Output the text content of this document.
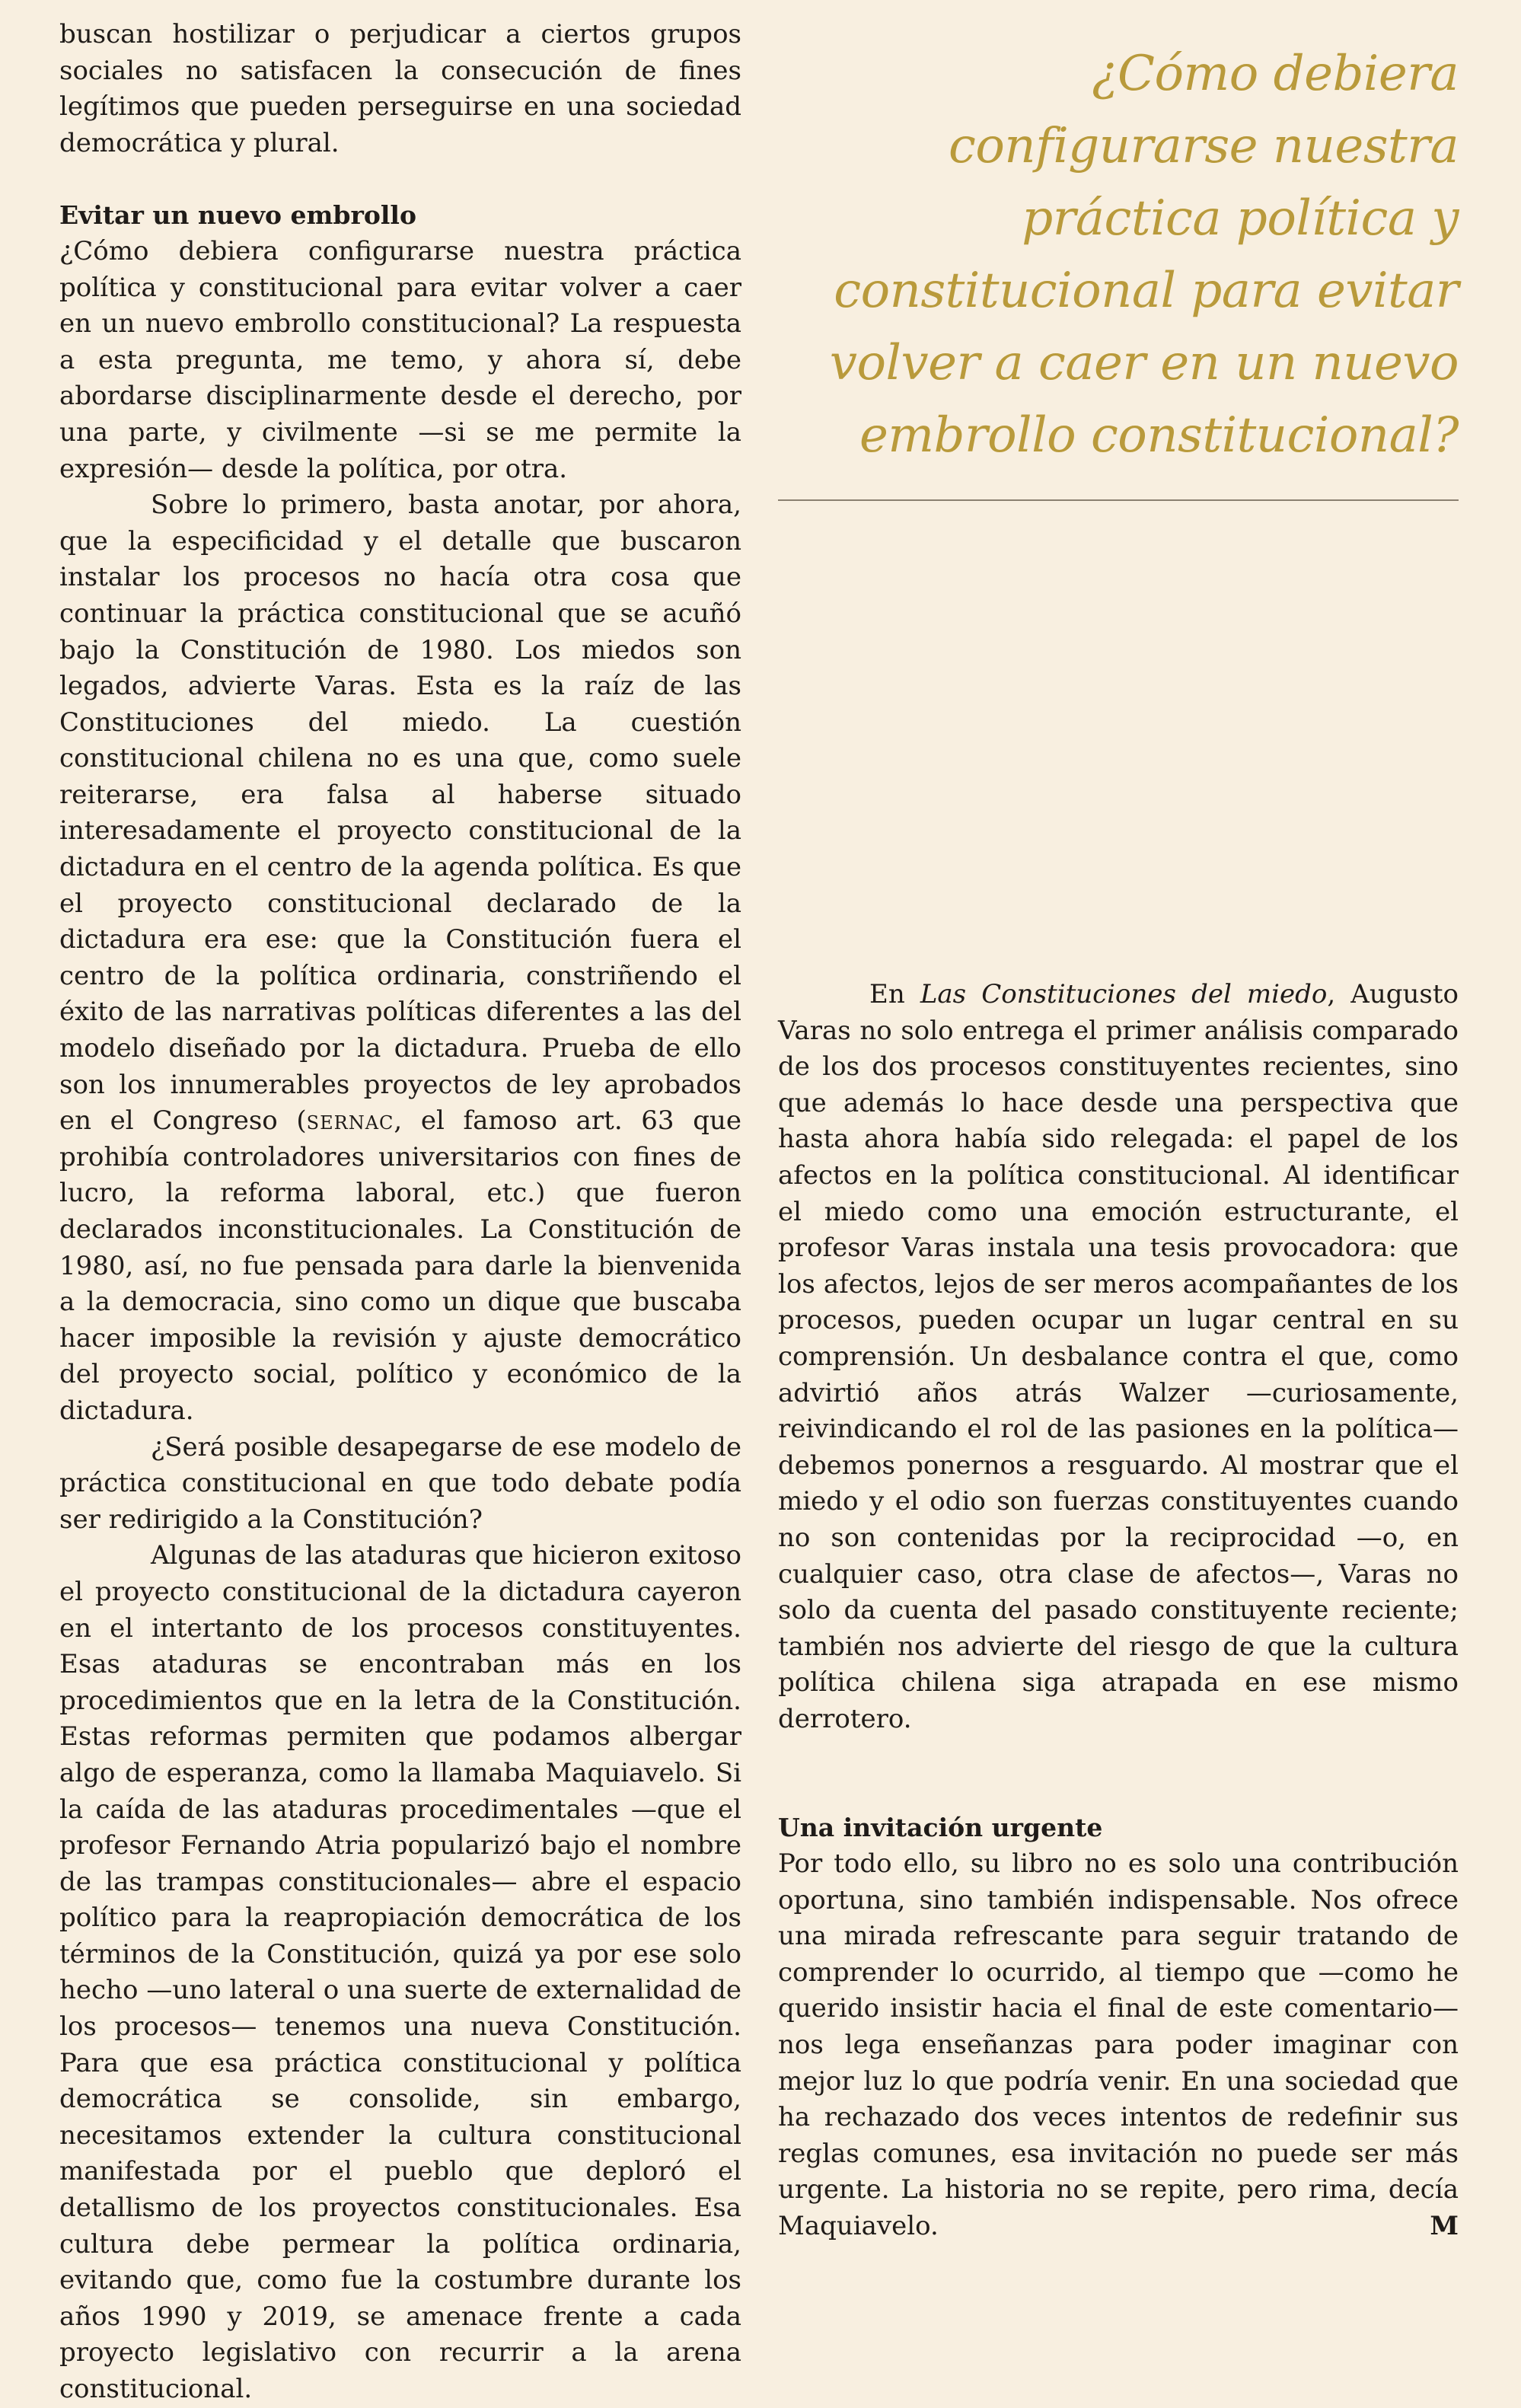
buscan hostilizar o perjudicar a ciertos grupos sociales no satisfacen la consecución de fines legítimos que pueden perseguirse en una sociedad democrática y plural.

Evitar un nuevo embrollo

¿Cómo debiera configurarse nuestra práctica política y constitucional para evitar volver a caer en un nuevo embrollo constitucional? La respuesta a esta pregunta, me temo, y ahora sí, debe abordarse disciplinarmente desde el derecho, por una parte, y civilmente —si se me permite la expresión— desde la política, por otra.

Sobre lo primero, basta anotar, por ahora, que la especificidad y el detalle que buscaron instalar los procesos no hacía otra cosa que continuar la práctica constitucional que se acuñó bajo la Constitución de 1980. Los miedos son legados, advierte Varas. Esta es la raíz de las Constituciones del miedo. La cuestión constitucional chilena no es una que, como suele reiterarse, era falsa al haberse situado interesadamente el proyecto constitucional de la dictadura en el centro de la agenda política. Es que el proyecto constitucional declarado de la dictadura era ese: que la Constitución fuera el centro de la política ordinaria, constriñendo el éxito de las narrativas políticas diferentes a las del modelo diseñado por la dictadura. Prueba de ello son los innumerables proyectos de ley aprobados en el Congreso (sernac, el famoso art. 63 que prohibía controladores universitarios con fines de lucro, la reforma laboral, etc.) que fueron declarados inconstitucionales. La Constitución de 1980, así, no fue pensada para darle la bienvenida a la democracia, sino como un dique que buscaba hacer imposible la revisión y ajuste democrático del proyecto social, político y económico de la dictadura.

¿Será posible desapegarse de ese modelo de práctica constitucional en que todo debate podía ser redirigido a la Constitución?

Algunas de las ataduras que hicieron exitoso el proyecto constitucional de la dictadura cayeron en el intertanto de los procesos constituyentes. Esas ataduras se encontraban más en los procedimientos que en la letra de la Constitución. Estas reformas permiten que podamos albergar algo de esperanza, como la llamaba Maquiavelo. Si la caída de las ataduras procedimentales —que el profesor Fernando Atria popularizó bajo el nombre de las trampas constitucionales— abre el espacio político para la reapropiación democrática de los términos de la Constitución, quizá ya por ese solo hecho —uno lateral o una suerte de externalidad de los procesos— tenemos una nueva Constitución. Para que esa práctica constitucional y política democrática se consolide, sin embargo, necesitamos extender la cultura constitucional manifestada por el pueblo que deploró el detallismo de los proyectos constitucionales. Esa cultura debe permear la política ordinaria, evitando que, como fue la costumbre durante los años 1990 y 2019, se amenace frente a cada proyecto legislativo con recurrir a la arena constitucional.

¿Cómo debiera configurarse nuestra práctica política y constitucional para evitar volver a caer en un nuevo embrollo constitucional?

En Las Constituciones del miedo, Augusto Varas no solo entrega el primer análisis comparado de los dos procesos constituyentes recientes, sino que además lo hace desde una perspectiva que hasta ahora había sido relegada: el papel de los afectos en la política constitucional. Al identificar el miedo como una emoción estructurante, el profesor Varas instala una tesis provocadora: que los afectos, lejos de ser meros acompañantes de los procesos, pueden ocupar un lugar central en su comprensión. Un desbalance contra el que, como advirtió años atrás Walzer —curiosamente, reivindicando el rol de las pasiones en la política— debemos ponernos a resguardo. Al mostrar que el miedo y el odio son fuerzas constituyentes cuando no son contenidas por la reciprocidad —o, en cualquier caso, otra clase de afectos—, Varas no solo da cuenta del pasado constituyente reciente; también nos advierte del riesgo de que la cultura política chilena siga atrapada en ese mismo derrotero.

Una invitación urgente

Por todo ello, su libro no es solo una contribución oportuna, sino también indispensable. Nos ofrece una mirada refrescante para seguir tratando de comprender lo ocurrido, al tiempo que —como he querido insistir hacia el final de este comentario— nos lega enseñanzas para poder imaginar con mejor luz lo que podría venir. En una sociedad que ha rechazado dos veces intentos de redefinir sus reglas comunes, esa invitación no puede ser más urgente. La historia no se repite, pero rima, decía Maquiavelo.	M
